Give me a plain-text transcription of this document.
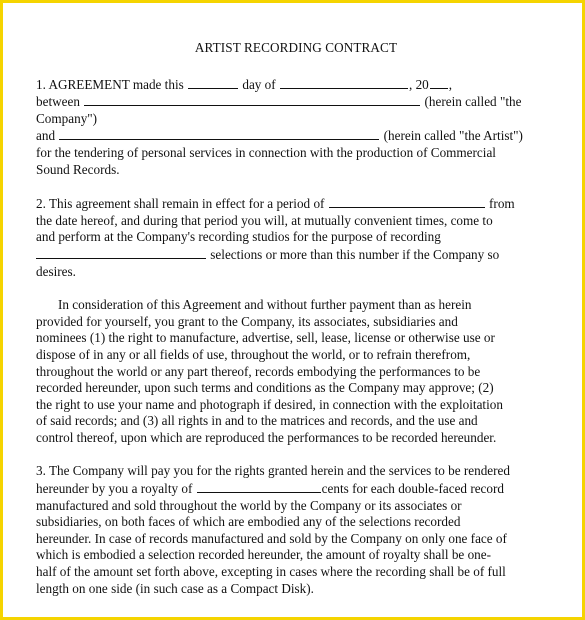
ARTIST RECORDING CONTRACT
1. AGREEMENT made this	day of	, 20 ,
between	(herein called "the
Company")
and	(herein called "the Artist")
for the tendering of personal services in connection with the production of Commercial
Sound Records.
2. This agreement shall remain in effect for a period of	from
the date hereof, and during that period you will, at mutually convenient times, come to
and perform at the Company's recording studios for the purpose of recording
selections or more than this number if the Company so
desires.
In consideration of this Agreement and without further payment than as herein
provided for yourself, you grant to the Company, its associates, subsidiaries and
nominees (1) the right to manufacture, advertise, sell, lease, license or otherwise use or
dispose of in any or all fields of use, throughout the world, or to refrain therefrom,
throughout the world or any part thereof, records embodying the performances to be
recorded hereunder, upon such terms and conditions as the Company may approve; (2)
the right to use your name and photograph if desired, in connection with the exploitation
of said records; and (3) all rights in and to the matrices and records, and the use and
control thereof, upon which are reproduced the performances to be recorded hereunder.
3. The Company will pay you for the rights granted herein and the services to be rendered
hereunder by you a royalty of	cents for each double-faced record
manufactured and sold throughout the world by the Company or its associates or
subsidiaries, on both faces of which are embodied any of the selections recorded
hereunder. In case of records manufactured and sold by the Company on only one face of
which is embodied a selection recorded hereunder, the amount of royalty shall be one-
half of the amount set forth above, excepting in cases where the recording shall be of full
length on one side (in such case as a Compact Disk).
